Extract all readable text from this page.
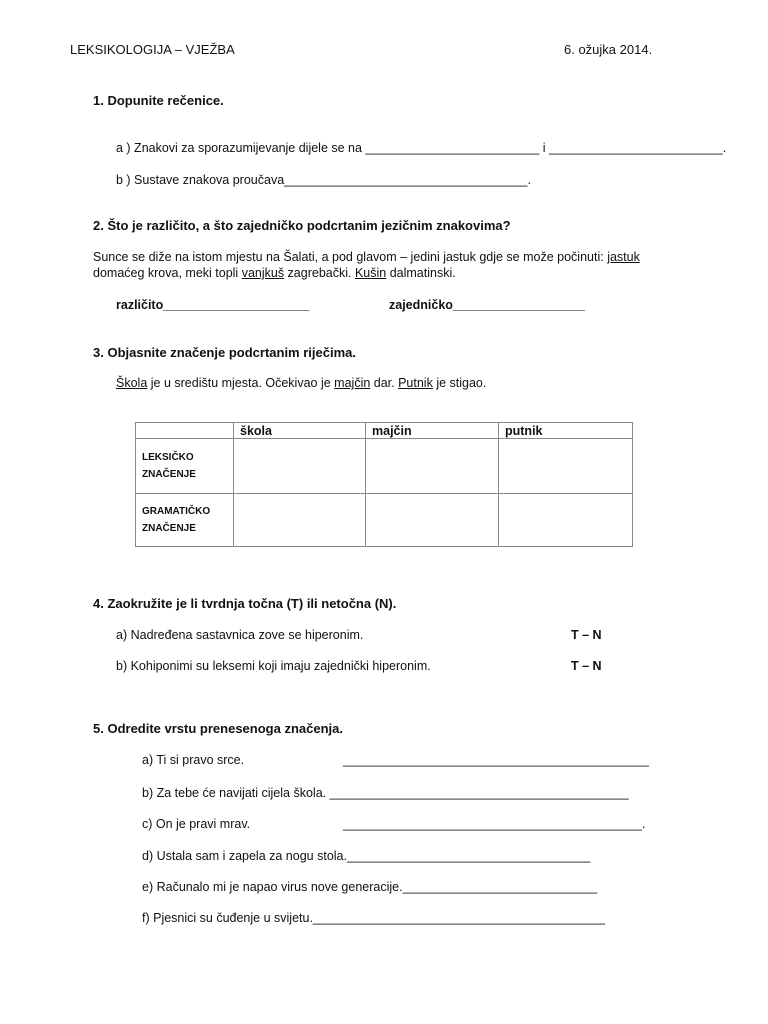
LEKSIKOLOGIJA – VJEŽBA	6. ožujka 2014.
1. Dopunite rečenice.
a ) Znakovi za sporazumijevanje dijele se na _________________________ i _________________________.
b ) Sustave znakova proučava___________________________________.
2. Što je različito, a što zajedničko podcrtanim jezičnim znakovima?
Sunce se diže na istom mjestu na Šalati, a pod glavom – jedini jastuk gdje se može počinuti: jastuk
domaćeg krova, meki topli vanjkuš zagrebački. Kušin dalmatinski.
različito_____________________	zajedničko___________________
3. Objasnite značenje podcrtanim riječima.
Škola je u središtu mjesta. Očekivao je majčin dar. Putnik je stigao.
	škola	majčin	putnik
LEKSIČKO
ZNAČENJE			
GRAMATIČKO
ZNAČENJE			
4. Zaokružite je li tvrdnja točna (T) ili netočna (N).
a) Nadređena sastavnica zove se hiperonim.	T – N
b) Kohiponimi su leksemi koji imaju zajednički hiperonim.	T – N
5. Odredite vrstu prenesenoga značenja.
a) Ti si pravo srce.	____________________________________________
b) Za tebe će navijati cijela škola. ___________________________________________
c) On je pravi mrav.	___________________________________________.
d) Ustala sam i zapela za nogu stola.___________________________________
e) Računalo mi je napao virus nove generacije.____________________________
f) Pjesnici su čuđenje u svijetu.__________________________________________
